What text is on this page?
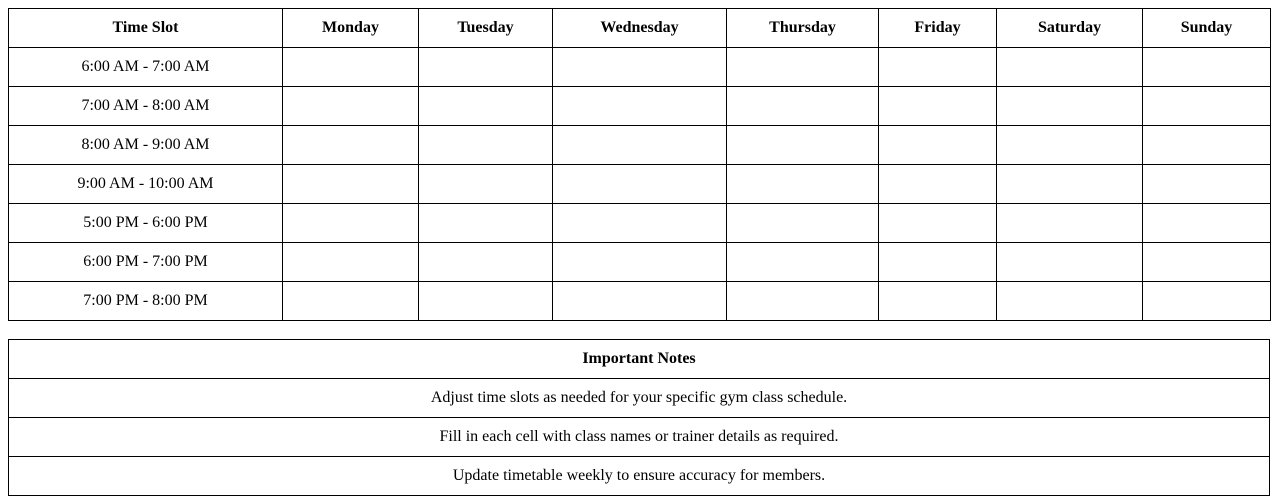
Time Slot	Monday	Tuesday	Wednesday	Thursday	Friday	Saturday	Sunday
6:00 AM - 7:00 AM							
7:00 AM - 8:00 AM							
8:00 AM - 9:00 AM							
9:00 AM - 10:00 AM							
5:00 PM - 6:00 PM							
6:00 PM - 7:00 PM							
7:00 PM - 8:00 PM							
Important Notes
Adjust time slots as needed for your specific gym class schedule.
Fill in each cell with class names or trainer details as required.
Update timetable weekly to ensure accuracy for members.
